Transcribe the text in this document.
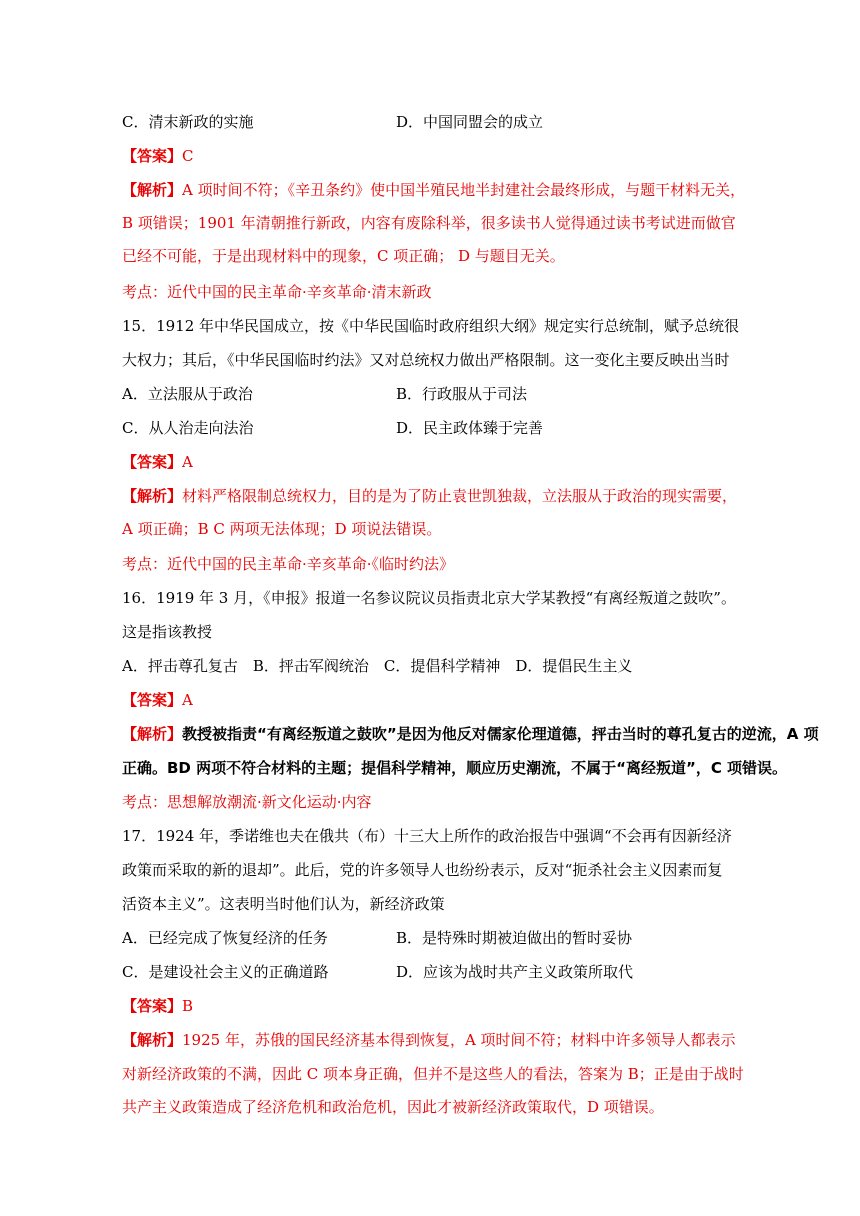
C．清末新政的实施	D．中国同盟会的成立
【答案】C
【解析】A 项时间不符；《辛丑条约》使中国半殖民地半封建社会最终形成，与题干材料无关，
B 项错误；1901 年清朝推行新政，内容有废除科举，很多读书人觉得通过读书考试进而做官
已经不可能，于是出现材料中的现象，C 项正确； D 与题目无关。
考点：近代中国的民主革命·辛亥革命·清末新政
15．1912 年中华民国成立，按《中华民国临时政府组织大纲》规定实行总统制，赋予总统很
大权力；其后，《中华民国临时约法》又对总统权力做出严格限制。这一变化主要反映出当时
A．立法服从于政治	B．行政服从于司法
C．从人治走向法治	D．民主政体臻于完善
【答案】A
【解析】材料严格限制总统权力，目的是为了防止袁世凯独裁，立法服从于政治的现实需要，
A 项正确；B C 两项无法体现；D 项说法错误。
考点：近代中国的民主革命·辛亥革命·《临时约法》
16．1919 年 3 月，《申报》报道一名参议院议员指责北京大学某教授“有离经叛道之鼓吹”。
这是指该教授
A．抨击尊孔复古　B．抨击军阀统治　C．提倡科学精神　D．提倡民生主义
【答案】A
【解析】教授被指责“有离经叛道之鼓吹”是因为他反对儒家伦理道德，抨击当时的尊孔复古的逆流，A 项
正确。BD 两项不符合材料的主题；提倡科学精神，顺应历史潮流，不属于“离经叛道”，C 项错误。
考点：思想解放潮流·新文化运动·内容
17．1924 年，季诺维也夫在俄共（布）十三大上所作的政治报告中强调“不会再有因新经济
政策而采取的新的退却”。此后，党的许多领导人也纷纷表示，反对“扼杀社会主义因素而复
活资本主义”。这表明当时他们认为，新经济政策
A．已经完成了恢复经济的任务	B．是特殊时期被迫做出的暂时妥协
C．是建设社会主义的正确道路	D．应该为战时共产主义政策所取代
【答案】B
【解析】1925 年，苏俄的国民经济基本得到恢复，A 项时间不符；材料中许多领导人都表示
对新经济政策的不满，因此 C 项本身正确，但并不是这些人的看法，答案为 B；正是由于战时
共产主义政策造成了经济危机和政治危机，因此才被新经济政策取代，D 项错误。
